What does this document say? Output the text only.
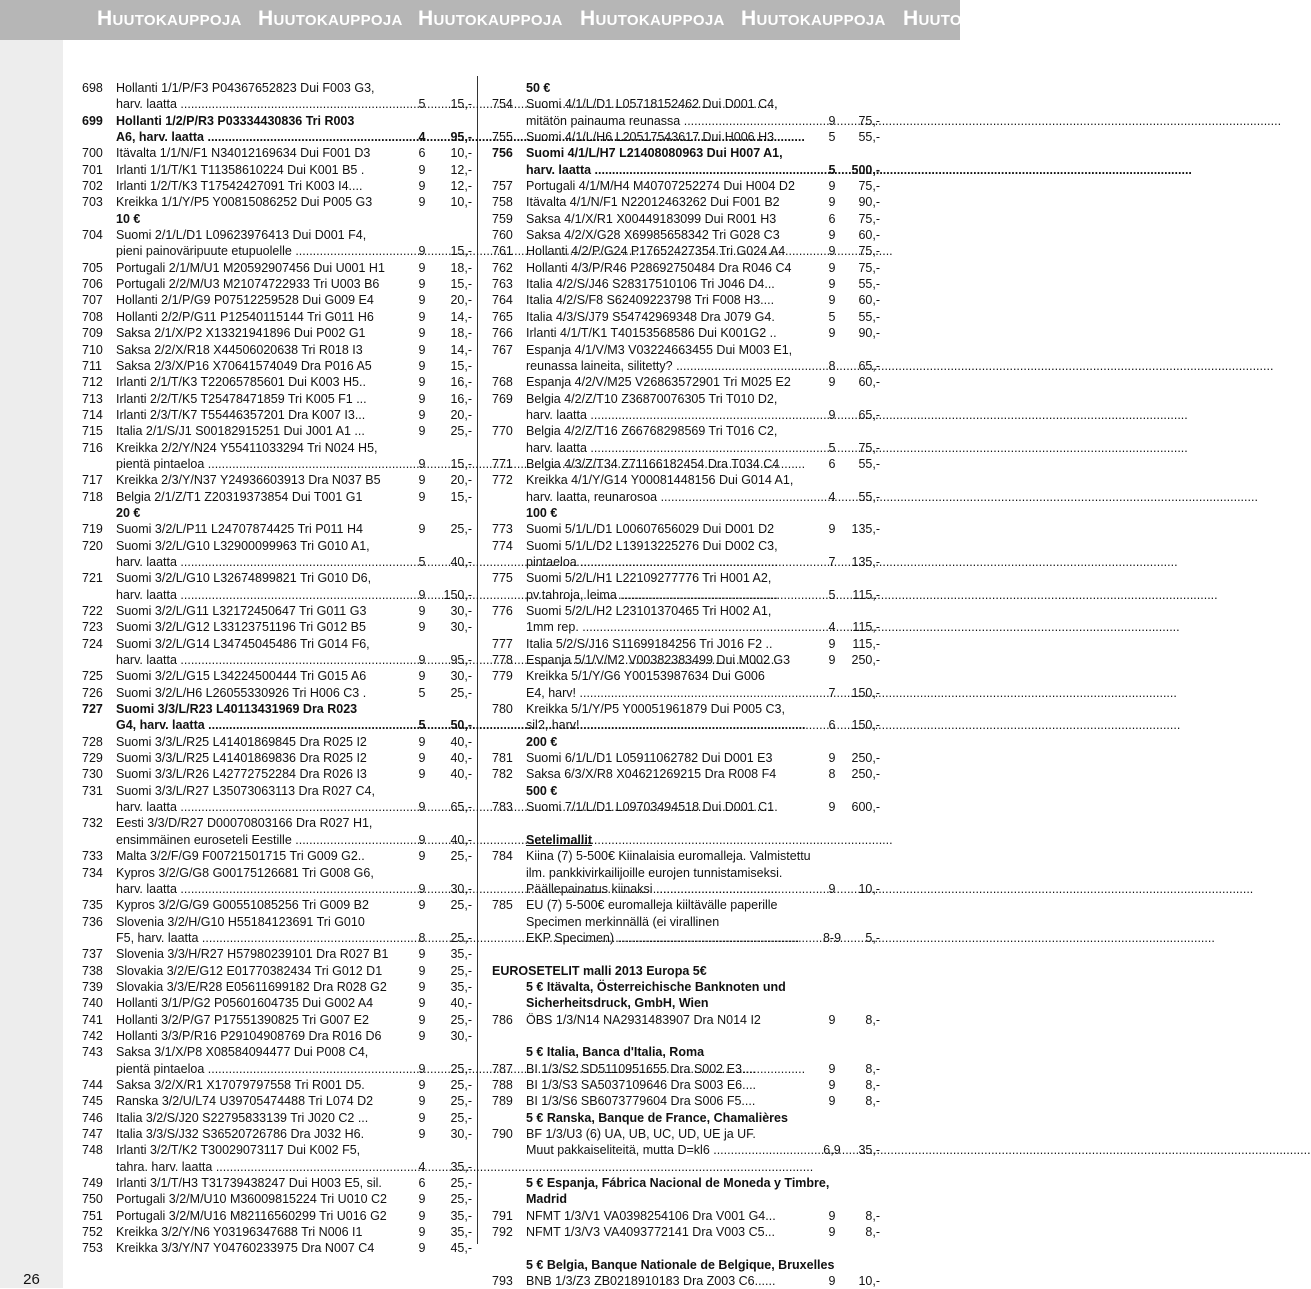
Huutokauppoja Huutokauppoja Huutokauppoja Huutokauppoja Huutokauppoja Huutokauppoja
26
698 Hollanti 1/1/P/F3 P04367652823 Dui F003 G3,
harv. laatta .....	5	15,-
699 Hollanti 1/2/P/R3 P03334430836 Tri R003
A6, harv. laatta .....	4	95,-
700 Itävalta 1/1/N/F1 N34012169634 Dui F001 D3	6	10,-
701 Irlanti 1/1/T/K1 T11358610224 Dui K001 B5 .	9	12,-
702 Irlanti 1/2/T/K3 T17542427091 Tri K003 I4....	9	12,-
703 Kreikka 1/1/Y/P5 Y00815086252 Dui P005 G3	9	10,-
10 €
704 Suomi 2/1/L/D1 L09623976413 Dui D001 F4,
pieni painoväripuute etupuolelle .....	9	15,-
705 Portugali 2/1/M/U1 M20592907456 Dui U001 H1	9	18,-
706 Portugali 2/2/M/U3 M21074722933 Tri U003 B6	9	15,-
707 Hollanti 2/1/P/G9 P07512259528 Dui G009 E4	9	20,-
708 Hollanti 2/2/P/G11 P12540115144 Tri G011 H6	9	14,-
709 Saksa 2/1/X/P2 X13321941896 Dui P002 G1	9	18,-
710 Saksa 2/2/X/R18 X44506020638 Tri R018 I3	9	14,-
711 Saksa 2/3/X/P16 X70641574049 Dra P016 A5	9	15,-
712 Irlanti 2/1/T/K3 T22065785601 Dui K003 H5..	9	16,-
713 Irlanti 2/2/T/K5 T25478471859 Tri K005 F1 ...	9	16,-
714 Irlanti 2/3/T/K7 T55446357201 Dra K007 I3...	9	20,-
715 Italia 2/1/S/J1 S00182915251 Dui J001 A1 ...	9	25,-
716 Kreikka 2/2/Y/N24 Y55411033294 Tri N024 H5,
pientä pintaeloa .....	9	15,-
717 Kreikka 2/3/Y/N37 Y24936603913 Dra N037 B5	9	20,-
718 Belgia 2/1/Z/T1 Z20319373854 Dui T001 G1	9	15,-
20 €
719 Suomi 3/2/L/P11 L24707874425 Tri P011 H4	9	25,-
720 Suomi 3/2/L/G10 L32900099963 Tri G010 A1,
harv. laatta .....	5	40,-
721 Suomi 3/2/L/G10 L32674899821 Tri G010 D6,
harv. laatta .....	9	150,-
722 Suomi 3/2/L/G11 L32172450647 Tri G011 G3	9	30,-
723 Suomi 3/2/L/G12 L33123751196 Tri G012 B5	9	30,-
724 Suomi 3/2/L/G14 L34745045486 Tri G014 F6,
harv. laatta .....	9	95,-
725 Suomi 3/2/L/G15 L34224500444 Tri G015 A6	9	30,-
726 Suomi 3/2/L/H6 L26055330926 Tri H006 C3 .	5	25,-
727 Suomi 3/3/L/R23 L40113431969 Dra R023
G4, harv. laatta .....	5	50,-
728 Suomi 3/3/L/R25 L41401869845 Dra R025 I2	9	40,-
729 Suomi 3/3/L/R25 L41401869836 Dra R025 I2	9	40,-
730 Suomi 3/3/L/R26 L42772752284 Dra R026 I3	9	40,-
731 Suomi 3/3/L/R27 L35073063113 Dra R027 C4,
harv. laatta .....	9	65,-
732 Eesti 3/3/D/R27 D00070803166 Dra R027 H1,
ensimmäinen euroseteli Eestille .....	9	40,-
733 Malta 3/2/F/G9 F00721501715 Tri G009 G2..	9	25,-
734 Kypros 3/2/G/G8 G00175126681 Tri G008 G6,
harv. laatta .....	9	30,-
735 Kypros 3/2/G/G9 G00551085256 Tri G009 B2	9	25,-
736 Slovenia 3/2/H/G10 H55184123691 Tri G010
F5, harv. laatta .....	8	25,-
737 Slovenia 3/3/H/R27 H57980239101 Dra R027 B1	9	35,-
738 Slovakia 3/2/E/G12 E01770382434 Tri G012 D1	9	25,-
739 Slovakia 3/3/E/R28 E05611699182 Dra R028 G2	9	35,-
740 Hollanti 3/1/P/G2 P05601604735 Dui G002 A4	9	40,-
741 Hollanti 3/2/P/G7 P17551390825 Tri G007 E2	9	25,-
742 Hollanti 3/3/P/R16 P29104908769 Dra R016 D6	9	30,-
743 Saksa 3/1/X/P8 X08584094477 Dui P008 C4,
pientä pintaeloa .....	9	25,-
744 Saksa 3/2/X/R1 X17079797558 Tri R001 D5.	9	25,-
745 Ranska 3/2/U/L74 U39705474488 Tri L074 D2	9	25,-
746 Italia 3/2/S/J20 S22795833139 Tri J020 C2 ...	9	25,-
747 Italia 3/3/S/J32 S36520726786 Dra J032 H6.	9	30,-
748 Irlanti 3/2/T/K2 T30029073117 Dui K002 F5,
tahra. harv. laatta .....	4	35,-
749 Irlanti 3/1/T/H3 T31739438247 Dui H003 E5, sil.	6	25,-
750 Portugali 3/2/M/U10 M36009815224 Tri U010 C2	9	25,-
751 Portugali 3/2/M/U16 M82116560299 Tri U016 G2	9	35,-
752 Kreikka 3/2/Y/N6 Y03196347688 Tri N006 I1	9	35,-
753 Kreikka 3/3/Y/N7 Y04760233975 Dra N007 C4	9	45,-
50 €
754 Suomi 4/1/L/D1 L05718152462 Dui D001 C4,
mitätön painauma reunassa .....	9	75,-
755 Suomi 4/1/L/H6 L20517543617 Dui H006 H3	5	55,-
756 Suomi 4/1/L/H7 L21408080963 Dui H007 A1,
harv. laatta .....	5	500,-
757 Portugali 4/1/M/H4 M40707252274 Dui H004 D2	9	75,-
758 Itävalta 4/1/N/F1 N22012463262 Dui F001 B2	9	90,-
759 Saksa 4/1/X/R1 X00449183099 Dui R001 H3	6	75,-
760 Saksa 4/2/X/G28 X69985658342 Tri G028 C3	9	60,-
761 Hollanti 4/2/P/G24 P17652427354 Tri G024 A4	9	75,-
762 Hollanti 4/3/P/R46 P28692750484 Dra R046 C4	9	75,-
763 Italia 4/2/S/J46 S28317510106 Tri J046 D4...	9	55,-
764 Italia 4/2/S/F8 S62409223798 Tri F008 H3....	9	60,-
765 Italia 4/3/S/J79 S54742969348 Dra J079 G4.	5	55,-
766 Irlanti 4/1/T/K1 T40153568586 Dui K001G2 ..	9	90,-
767 Espanja 4/1/V/M3 V03224663455 Dui M003 E1,
reunassa laineita, silitetty? .....	8	65,-
768 Espanja 4/2/V/M25 V26863572901 Tri M025 E2	9	60,-
769 Belgia 4/2/Z/T10 Z36870076305 Tri T010 D2,
harv. laatta .....	9	65,-
770 Belgia 4/2/Z/T16 Z66768298569 Tri T016 C2,
harv. laatta .....	5	75,-
771 Belgia 4/3/Z/T34 Z71166182454 Dra T034 C4	6	55,-
772 Kreikka 4/1/Y/G14 Y00081448156 Dui G014 A1,
harv. laatta, reunarosoa .....	4	55,-
100 €
773 Suomi 5/1/L/D1 L00607656029 Dui D001 D2	9	135,-
774 Suomi 5/1/L/D2 L13913225276 Dui D002 C3,
pintaeloa .....	7	135,-
775 Suomi 5/2/L/H1 L22109277776 Tri H001 A2,
pv.tahroja, leima .....	5	115,-
776 Suomi 5/2/L/H2 L23101370465 Tri H002 A1,
1mm rep. .....	4	115,-
777 Italia 5/2/S/J16 S11699184256 Tri J016 F2 ..	9	115,-
778 Espanja 5/1/V/M2 V00382383499 Dui M002 G3	9	250,-
779 Kreikka 5/1/Y/G6 Y00153987634 Dui G006
E4, harv! .....	7	150,-
780 Kreikka 5/1/Y/P5 Y00051961879 Dui P005 C3,
sil?, harv! .....	6	150,-
200 €
781 Suomi 6/1/L/D1 L05911062782 Dui D001 E3	9	250,-
782 Saksa 6/3/X/R8 X04621269215 Dra R008 F4	8	250,-
500 €
783 Suomi 7/1/L/D1 L09703494518 Dui D001 C1	9	600,-
Setelimallit
784 Kiina (7) 5-500€ Kiinalaisia euromalleja. Valmistettu
ilm. pankkivirkailijoille eurojen tunnistamiseksi.
Päällepainatus kiinaksi .....	9	10,-
785 EU (7) 5-500€ euromalleja kiiltävälle paperille
Specimen merkinnällä (ei virallinen
EKP Specimen) .....	8-9	5,-
EUROSETELIT malli 2013 Europa 5€
5 € Itävalta, Österreichische Banknoten und
Sicherheitsdruck, GmbH, Wien
786 ÖBS 1/3/N14 NA2931483907 Dra N014 I2	9	8,-
5 € Italia, Banca d'Italia, Roma
787 BI 1/3/S2 SD5110951655 Dra S002 E3....	9	8,-
788 BI 1/3/S3 SA5037109646 Dra S003 E6....	9	8,-
789 BI 1/3/S6 SB6073779604 Dra S006 F5....	9	8,-
5 € Ranska, Banque de France, Chamalières
790 BF 1/3/U3 (6) UA, UB, UC, UD, UE ja UF.
Muut pakkaiseliteitä, mutta D=kl6 .....	6,9	35,-
5 € Espanja, Fábrica Nacional de Moneda y Timbre,
Madrid
791 NFMT 1/3/V1 VA0398254106 Dra V001 G4...	9	8,-
792 NFMT 1/3/V3 VA4093772141 Dra V003 C5...	9	8,-
5 € Belgia, Banque Nationale de Belgique, Bruxelles
793 BNB 1/3/Z3 ZB0218910183 Dra Z003 C6......	9	10,-
